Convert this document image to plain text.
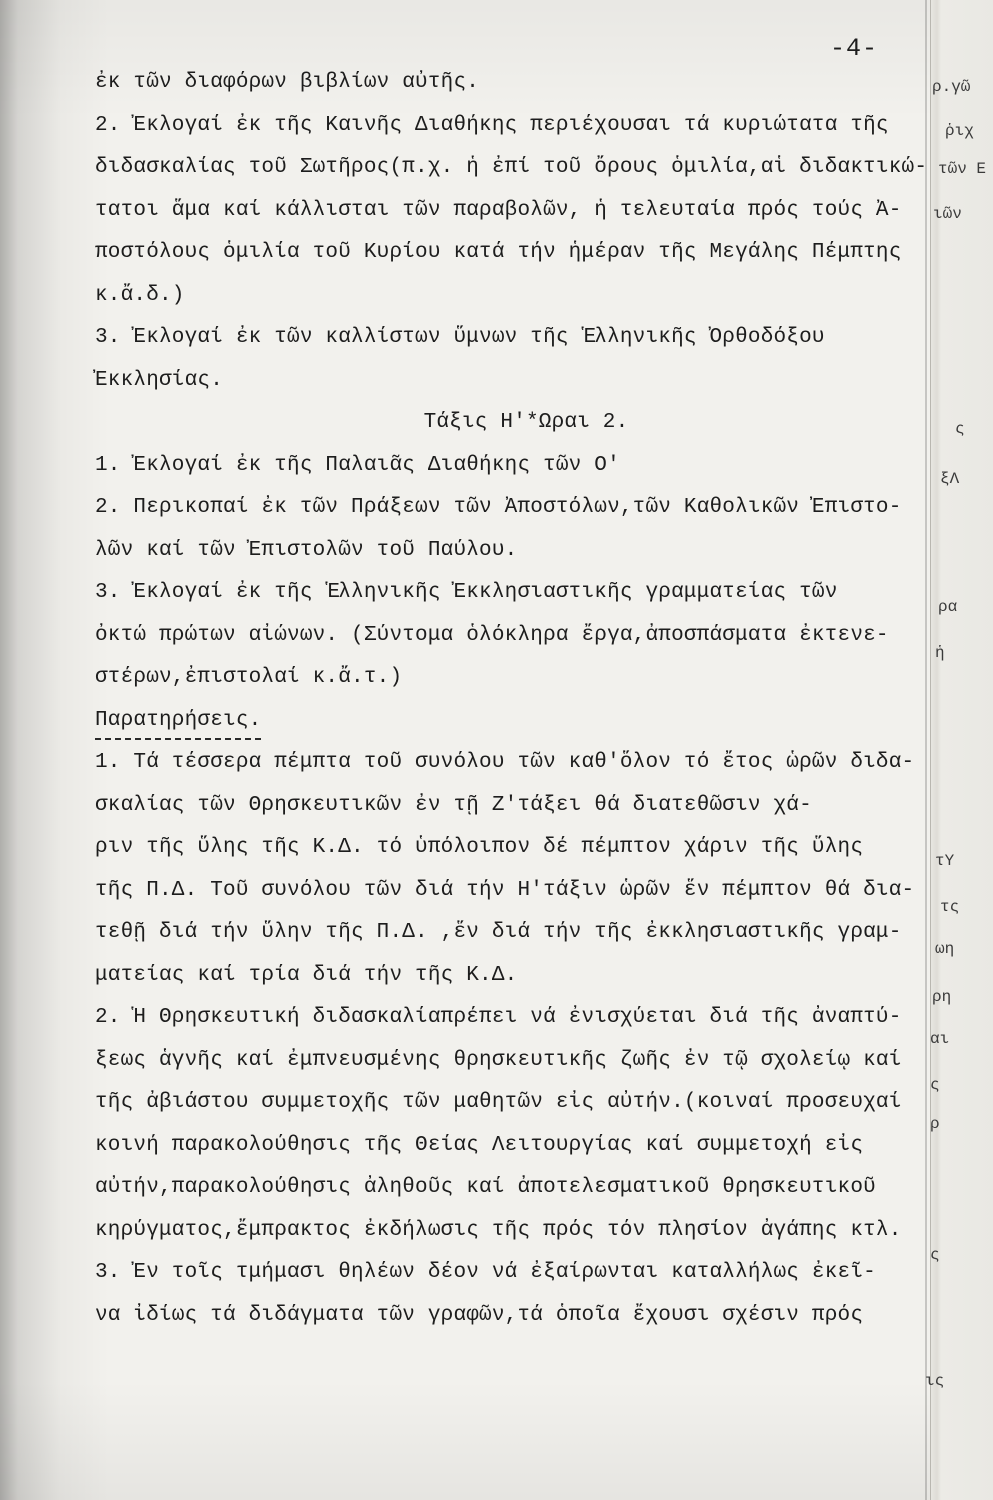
-4-
ἐκ τῶν διαφόρων βιβλίων αὐτῆς.
2. Ἐκλογαί ἐκ τῆς Καινῆς Διαθήκης περιέχουσαι τά κυριώτατα τῆς
διδασκαλίας τοῦ Σωτῆρος(π.χ. ἡ ἐπί τοῦ ὄρους ὁμιλία,αἱ διδακτικώ-
τατοι ἅμα καί κάλλισται τῶν παραβολῶν, ἡ τελευταία πρός τούς Ἀ-
ποστόλους ὁμιλία τοῦ Κυρίου κατά τήν ἡμέραν τῆς Μεγάλης Πέμπτης
κ.ἄ.δ.)
3. Ἐκλογαί ἐκ τῶν καλλίστων ὕμνων τῆς Ἑλληνικῆς Ὀρθοδόξου
Ἐκκλησίας.
Τάξις Η'*Ωραι 2.
1. Ἐκλογαί ἐκ τῆς Παλαιᾶς Διαθήκης τῶν Ο'
2. Περικοπαί ἐκ τῶν Πράξεων τῶν Ἀποστόλων,τῶν Καθολικῶν Ἐπιστο-
λῶν καί τῶν Ἐπιστολῶν τοῦ Παύλου.
3. Ἐκλογαί ἐκ τῆς Ἑλληνικῆς Ἐκκλησιαστικῆς γραμματείας τῶν
ὀκτώ πρώτων αἰώνων. (Σύντομα ὁλόκληρα ἔργα,ἀποσπάσματα ἐκτενε-
στέρων,ἐπιστολαί κ.ἄ.τ.)
Παρατηρήσεις.
1. Τά τέσσερα πέμπτα τοῦ συνόλου τῶν καθ'ὅλον τό ἔτος ὡρῶν διδα-
σκαλίας τῶν Θρησκευτικῶν ἐν τῇ Ζ'τάξει θά διατεθῶσιν χά-
ριν τῆς ὕλης τῆς Κ.Δ. τό ὑπόλοιπον δέ πέμπτον χάριν τῆς ὕλης
τῆς Π.Δ. Τοῦ συνόλου τῶν διά τήν Η'τάξιν ὡρῶν ἕν πέμπτον θά δια-
τεθῇ διά τήν ὕλην τῆς Π.Δ. ,ἕν διά τήν τῆς ἐκκλησιαστικῆς γραμ-
ματείας καί τρία διά τήν τῆς Κ.Δ.
2. Ἡ Θρησκευτική διδασκαλίαπρέπει νά ἐνισχύεται διά τῆς ἀναπτύ-
ξεως ἁγνῆς καί ἐμπνευσμένης θρησκευτικῆς ζωῆς ἐν τῷ σχολείῳ καί
τῆς ἀβιάστου συμμετοχῆς τῶν μαθητῶν εἰς αὐτήν.(κοιναί προσευχαί
κοινή παρακολούθησις τῆς Θείας Λειτουργίας καί συμμετοχή εἰς
αὐτήν,παρακολούθησις ἀληθοῦς καί ἀποτελεσματικοῦ θρησκευτικοῦ
κηρύγματος,ἔμπρακτος ἐκδήλωσις τῆς πρός τόν πλησίον ἀγάπης κτλ.
3. Ἐν τοῖς τμήμασι θηλέων δέον νά ἐξαίρωνται καταλλήλως ἐκεῖ-
να ἰδίως τά διδάγματα τῶν γραφῶν,τά ὁποῖα ἔχουσι σχέσιν πρός
ρ.γῶ
ῥιχ
τῶν Ε
ιῶν
ς
ξΛ
ρα
ἡ
τΥ
τς
ωη
ρη
αι
ς
ρ
ς
ις
